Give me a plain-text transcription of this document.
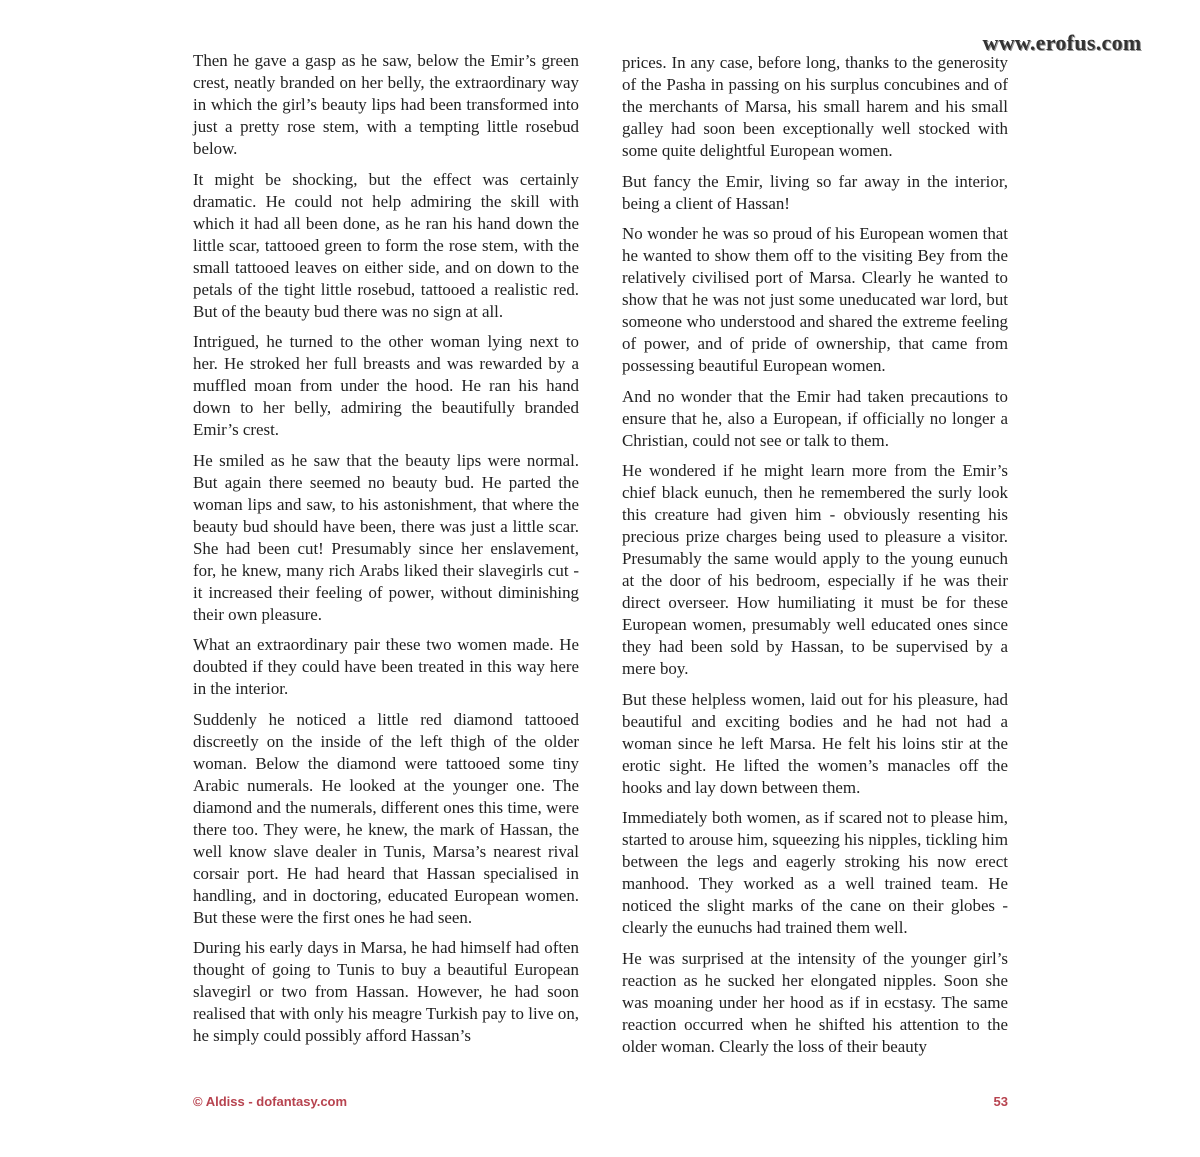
www.erofus.com

Then he gave a gasp as he saw, below the Emir’s green crest, neatly branded on her belly, the extraordinary way in which the girl’s beauty lips had been transformed into just a pretty rose stem, with a tempting little rosebud below.

It might be shocking, but the effect was certainly dramatic. He could not help admiring the skill with which it had all been done, as he ran his hand down the little scar, tattooed green to form the rose stem, with the small tattooed leaves on either side, and on down to the petals of the tight little rosebud, tattooed a realistic red. But of the beauty bud there was no sign at all.

Intrigued, he turned to the other woman lying next to her. He stroked her full breasts and was rewarded by a muffled moan from under the hood. He ran his hand down to her belly, admiring the beautifully branded Emir’s crest.

He smiled as he saw that the beauty lips were normal. But again there seemed no beauty bud. He parted the woman lips and saw, to his astonishment, that where the beauty bud should have been, there was just a little scar. She had been cut! Presumably since her enslavement, for, he knew, many rich Arabs liked their slavegirls cut - it increased their feeling of power, without diminishing their own pleasure.

What an extraordinary pair these two women made. He doubted if they could have been treated in this way here in the interior.

Suddenly he noticed a little red diamond tattooed discreetly on the inside of the left thigh of the older woman. Below the diamond were tattooed some tiny Arabic numerals. He looked at the younger one. The diamond and the numerals, different ones this time, were there too. They were, he knew, the mark of Hassan, the well know slave dealer in Tunis, Marsa’s nearest rival corsair port. He had heard that Hassan specialised in handling, and in doctoring, educated European women. But these were the first ones he had seen.

During his early days in Marsa, he had himself had often thought of going to Tunis to buy a beautiful European slavegirl or two from Hassan. However, he had soon realised that with only his meagre Turkish pay to live on, he simply could possibly afford Hassan’s

prices. In any case, before long, thanks to the generosity of the Pasha in passing on his surplus concubines and of the merchants of Marsa, his small harem and his small galley had soon been exceptionally well stocked with some quite delightful European women.

But fancy the Emir, living so far away in the interior, being a client of Hassan!

No wonder he was so proud of his European women that he wanted to show them off to the visiting Bey from the relatively civilised port of Marsa. Clearly he wanted to show that he was not just some uneducated war lord, but someone who understood and shared the extreme feeling of power, and of pride of ownership, that came from possessing beautiful European women.

And no wonder that the Emir had taken precautions to ensure that he, also a European, if officially no longer a Christian, could not see or talk to them.

He wondered if he might learn more from the Emir’s chief black eunuch, then he remembered the surly look this creature had given him - obviously resenting his precious prize charges being used to pleasure a visitor. Presumably the same would apply to the young eunuch at the door of his bedroom, especially if he was their direct overseer. How humiliating it must be for these European women, presumably well educated ones since they had been sold by Hassan, to be supervised by a mere boy.

But these helpless women, laid out for his pleasure, had beautiful and exciting bodies and he had not had a woman since he left Marsa. He felt his loins stir at the erotic sight. He lifted the women’s manacles off the hooks and lay down between them.

Immediately both women, as if scared not to please him, started to arouse him, squeezing his nipples, tickling him between the legs and eagerly stroking his now erect manhood. They worked as a well trained team. He noticed the slight marks of the cane on their globes - clearly the eunuchs had trained them well.

He was surprised at the intensity of the younger girl’s reaction as he sucked her elongated nipples. Soon she was moaning under her hood as if in ecstasy. The same reaction occurred when he shifted his attention to the older woman. Clearly the loss of their beauty

© Aldiss - dofantasy.com	53
